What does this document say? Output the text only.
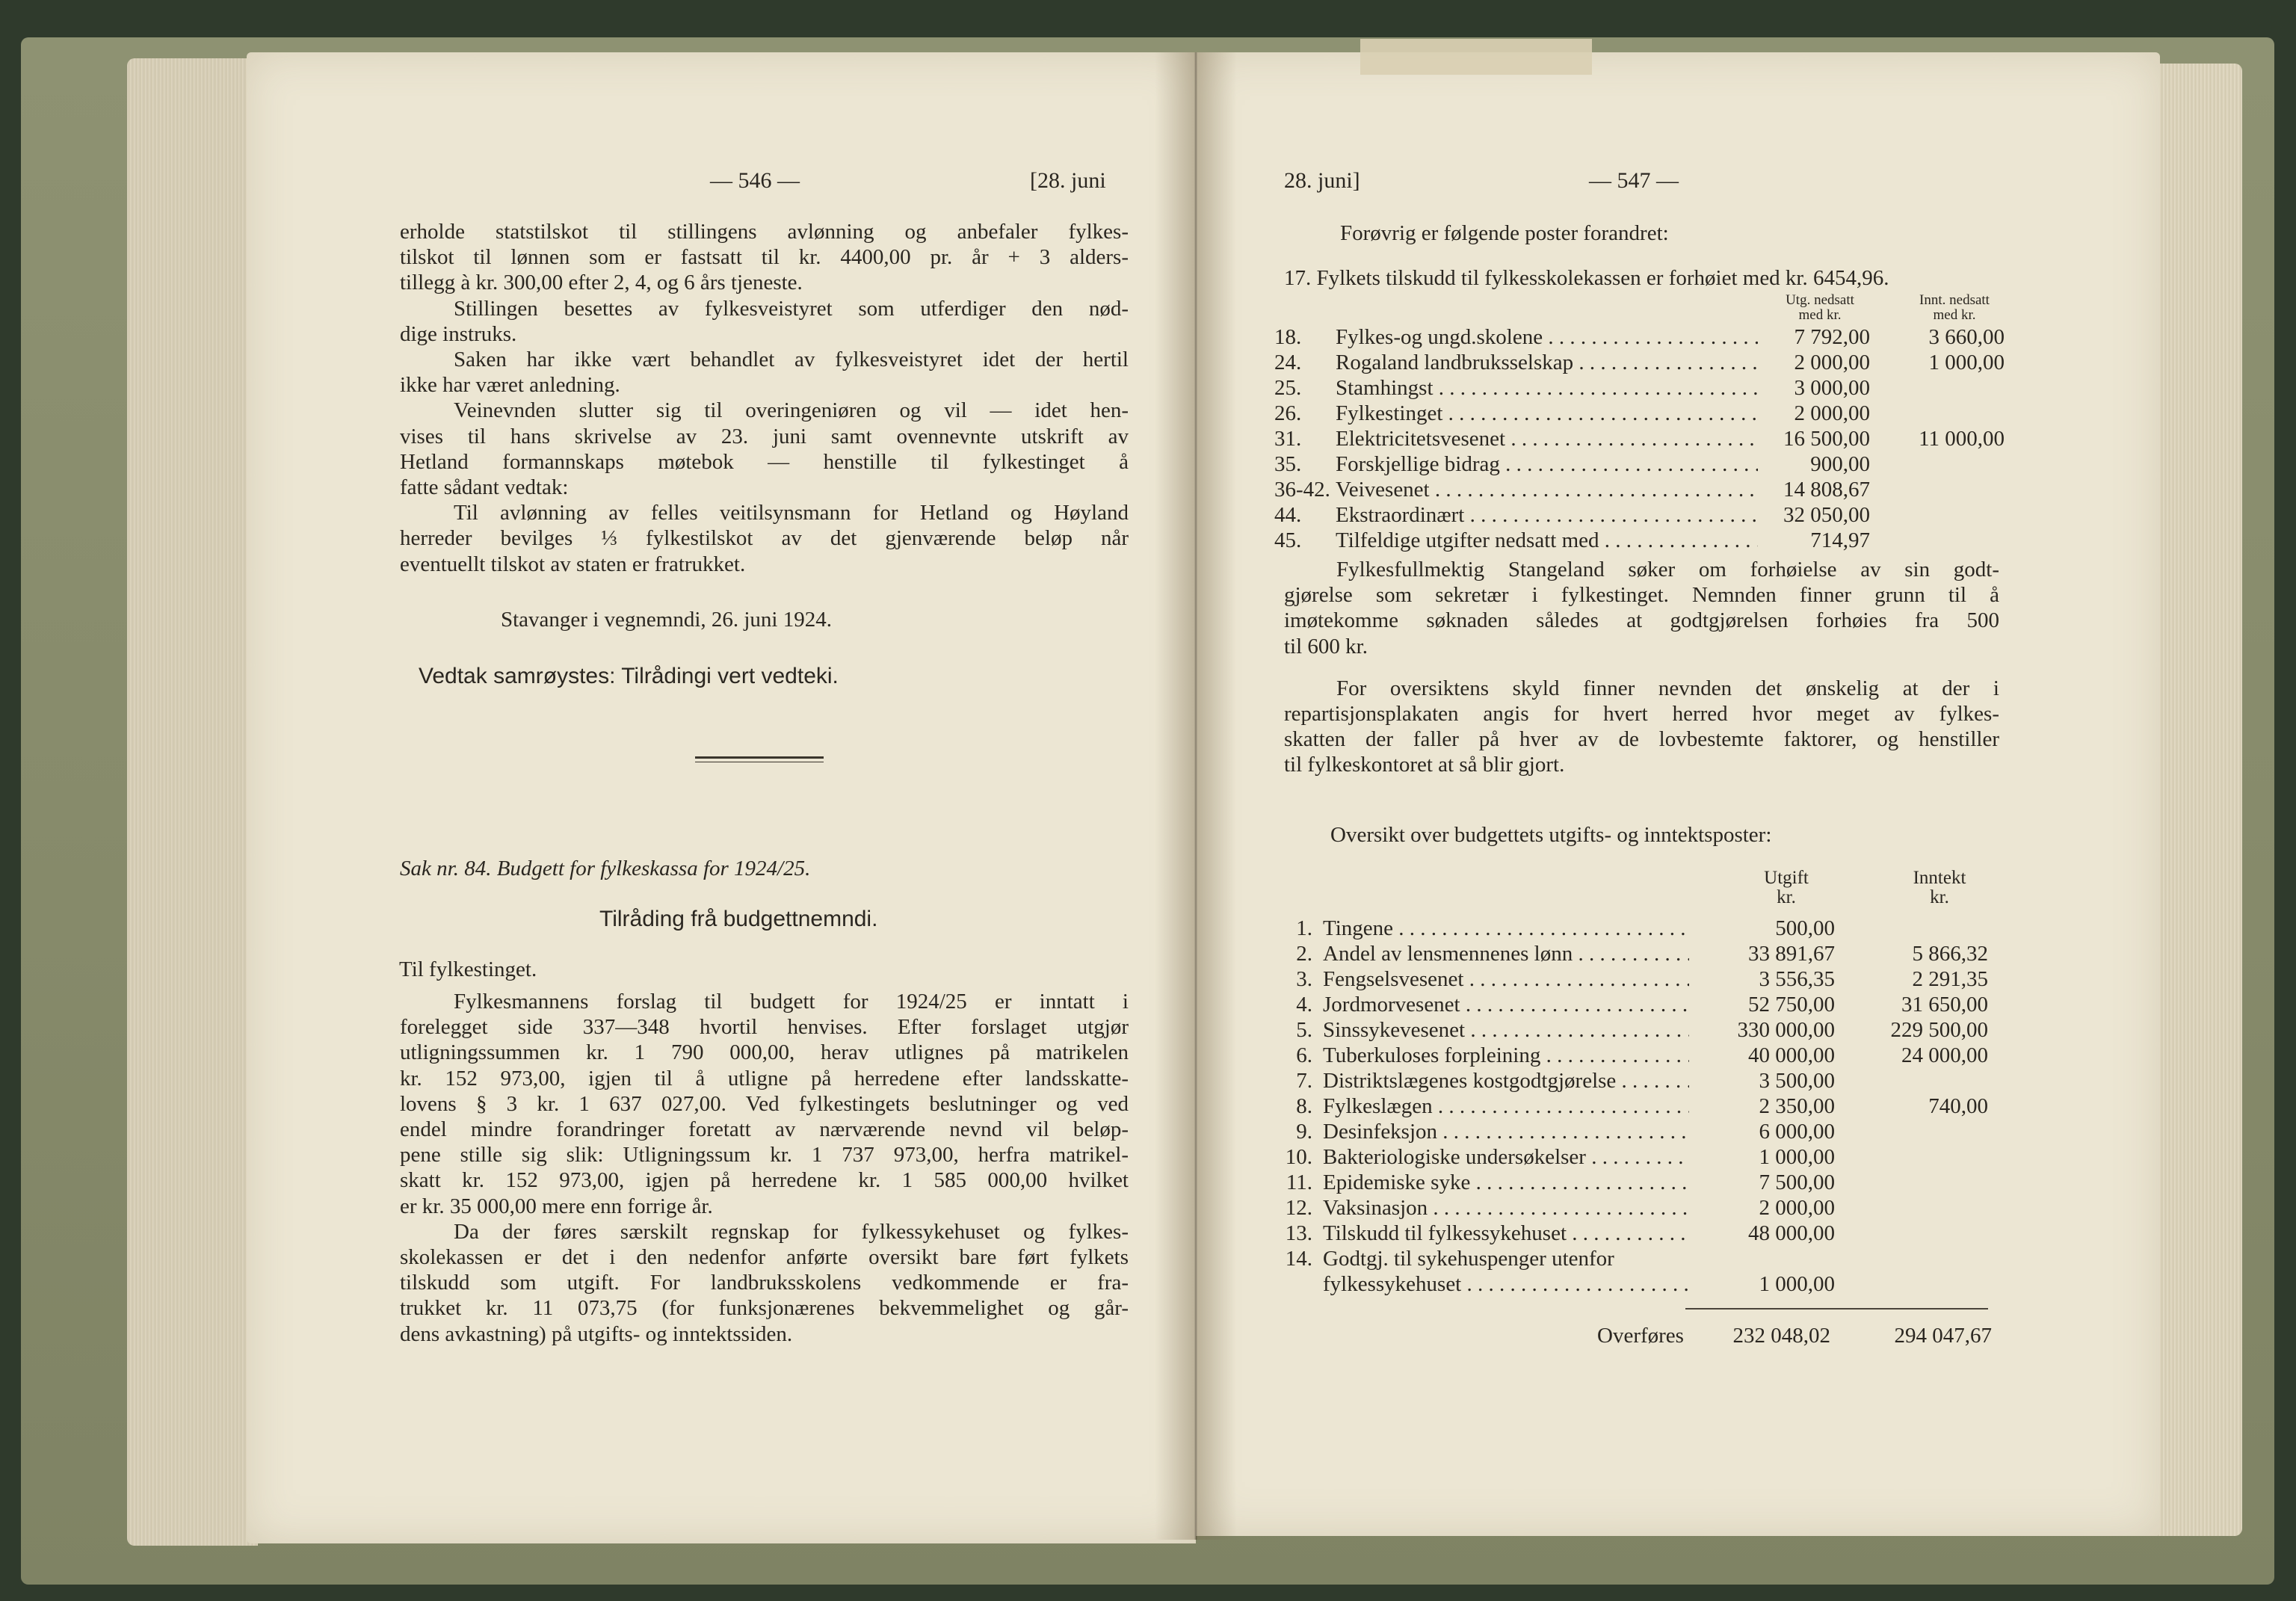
— 546 —	[28. juni
erholde statstilskot til stillingens avlønning og anbefaler fylkes-
tilskot til lønnen som er fastsatt til kr. 4400,00 pr. år + 3 alders-
tillegg à kr. 300,00 efter 2, 4, og 6 års tjeneste.
Stillingen besettes av fylkesveistyret som utferdiger den nød-
dige instruks.
Saken har ikke vært behandlet av fylkesveistyret idet der hertil
ikke har været anledning.
Veinevnden slutter sig til overingeniøren og vil — idet hen-
vises til hans skrivelse av 23. juni samt ovennevnte utskrift av
Hetland formannskaps møtebok — henstille til fylkestinget å
fatte sådant vedtak:
Til avlønning av felles veitilsynsmann for Hetland og Høyland
herreder bevilges ⅓ fylkestilskot av det gjenværende beløp når
eventuellt tilskot av staten er fratrukket.
Stavanger i vegnemndi, 26. juni 1924.
Vedtak samrøystes: Tilrådingi vert vedteki.
Sak nr. 84. Budgett for fylkeskassa for 1924/25.
Tilråding frå budgettnemndi.
Til fylkestinget.
Fylkesmannens forslag til budgett for 1924/25 er inntatt i
forelegget side 337—348 hvortil henvises. Efter forslaget utgjør
utligningssummen kr. 1 790 000,00, herav utlignes på matrikelen
kr. 152 973,00, igjen til å utligne på herredene efter landsskatte-
lovens § 3 kr. 1 637 027,00. Ved fylkestingets beslutninger og ved
endel mindre forandringer foretatt av nærværende nevnd vil beløp-
pene stille sig slik: Utligningssum kr. 1 737 973,00, herfra matrikel-
skatt kr. 152 973,00, igjen på herredene kr. 1 585 000,00 hvilket
er kr. 35 000,00 mere enn forrige år.
Da der føres særskilt regnskap for fylkessykehuset og fylkes-
skolekassen er det i den nedenfor anførte oversikt bare ført fylkets
tilskudd som utgift. For landbruksskolens vedkommende er fra-
trukket kr. 11 073,75 (for funksjonærenes bekvemmelighet og går-
dens avkastning) på utgifts- og inntektssiden.
28. juni]	— 547 —
Forøvrig er følgende poster forandret:
17. Fylkets tilskudd til fylkesskolekassen er forhøiet med kr. 6454,96.
Utg. nedsatt
med kr.
Innt. nedsatt
med kr.
18.	Fylkes-og ungd.skolene . . .	7 792,00	3 660,00
24.	Rogaland landbruksselskap . . .	2 000,00	1 000,00
25.	Stamhingst . . .	3 000,00	
26.	Fylkestinget . . .	2 000,00	
31.	Elektricitetsvesenet . . .	16 500,00	11 000,00
35.	Forskjellige bidrag . . .	900,00	
36-42.	Veivesenet . . .	14 808,67	
44.	Ekstraordinært . . .	32 050,00	
45.	Tilfeldige utgifter nedsatt med . . .	714,97	
Fylkesfullmektig Stangeland søker om forhøielse av sin godt-
gjørelse som sekretær i fylkestinget. Nemnden finner grunn til å
imøtekomme søknaden således at godtgjørelsen forhøies fra 500
til 600 kr.
For oversiktens skyld finner nevnden det ønskelig at der i
repartisjonsplakaten angis for hvert herred hvor meget av fylkes-
skatten der faller på hver av de lovbestemte faktorer, og henstiller
til fylkeskontoret at så blir gjort.
Oversikt over budgettets utgifts- og inntektsposter:
Utgift
kr.
Inntekt
kr.
1.	Tingene . . .	500,00	
2.	Andel av lensmennenes lønn . . .	33 891,67	5 866,32
3.	Fengselsvesenet . . .	3 556,35	2 291,35
4.	Jordmorvesenet . . .	52 750,00	31 650,00
5.	Sinssykevesenet . . .	330 000,00	229 500,00
6.	Tuberkuloses forpleining . . .	40 000,00	24 000,00
7.	Distriktslægenes kostgodtgjørelse . . .	3 500,00	
8.	Fylkeslægen . . .	2 350,00	740,00
9.	Desinfeksjon . . .	6 000,00	
10.	Bakteriologiske undersøkelser . . .	1 000,00	
11.	Epidemiske syke . . .	7 500,00	
12.	Vaksinasjon . . .	2 000,00	
13.	Tilskudd til fylkessykehuset . . .	48 000,00	
14.	Godtgj. til sykehuspenger utenfor		

	fylkessykehuset . . .	1 000,00	
Overføres	232 048,02	294 047,67
